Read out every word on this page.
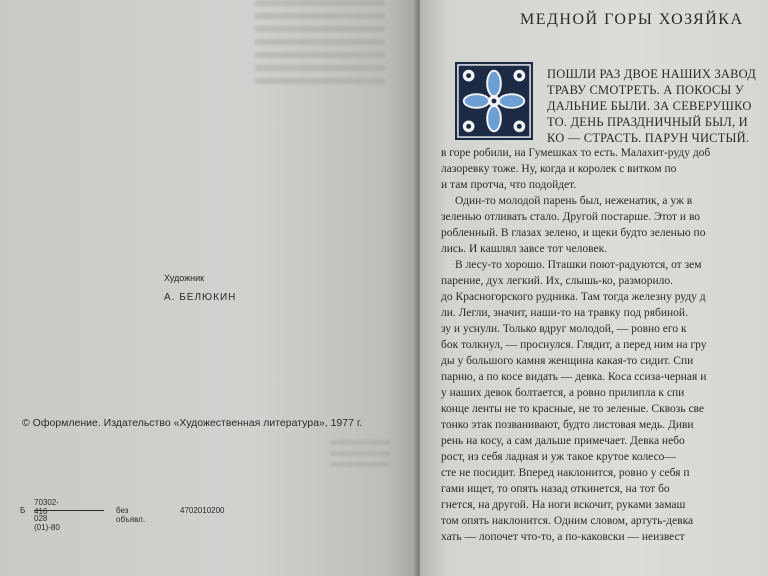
Художник
А. БЕЛЮКИН
© Оформление. Издательство «Художественная литература», 1977 г.
Б
70302-416
028 (01)-80
без объявл.
4702010200
МЕДНОЙ ГОРЫ ХОЗЯЙКА
ПОШЛИ РАЗ ДВОЕ НАШИХ ЗАВОД
ТРАВУ СМОТРЕТЬ. А ПОКОСЫ У
ДАЛЬНИЕ БЫЛИ. ЗА СЕВЕРУШКО
ТО. ДЕНЬ ПРАЗДНИЧНЫЙ БЫЛ, И
КО — СТРАСТЬ. ПАРУН ЧИСТЫЙ.
в горе робили, на Гумешках то есть. Малахит-руду доб
лазоревку тоже. Ну, когда и королек с витком по
и там протча, что подойдет.
Один-то молодой парень был, неженатик, а уж в
зеленью отливать стало. Другой постарше. Этот и во
робленный. В глазах зелено, и щеки будто зеленью по
лись. И кашлял завсе тот человек.
В лесу-то хорошо. Пташки поют-радуются, от зем
парение, дух легкий. Их, слышь-ко, разморило.
до Красногорского рудника. Там тогда железну руду д
ли. Легли, значит, наши-то на травку под рябиной.
зу и уснули. Только вдруг молодой, — ровно его к
бок толкнул, — проснулся. Глядит, а перед ним на гру
ды у большого камня женщина какая-то сидит. Спи
парню, а по косе видать — девка. Коса ссиза-черная и
у наших девок болтается, а ровно прилипла к спи
конце ленты не то красные, не то зеленые. Сквозь све
тонко этак позванивают, будто листовая медь. Диви
рень на косу, а сам дальше примечает. Девка небо
рост, из себя ладная и уж такое крутое колесо—
сте не посидит. Вперед наклонится, ровно у себя п
гами ищет, то опять назад откинется, на тот бо
гнется, на другой. На ноги вскочит, руками замаш
том опять наклонится. Одним словом, артуть-девка
хать — лопочет что-то, а по-каковски — неизвест
